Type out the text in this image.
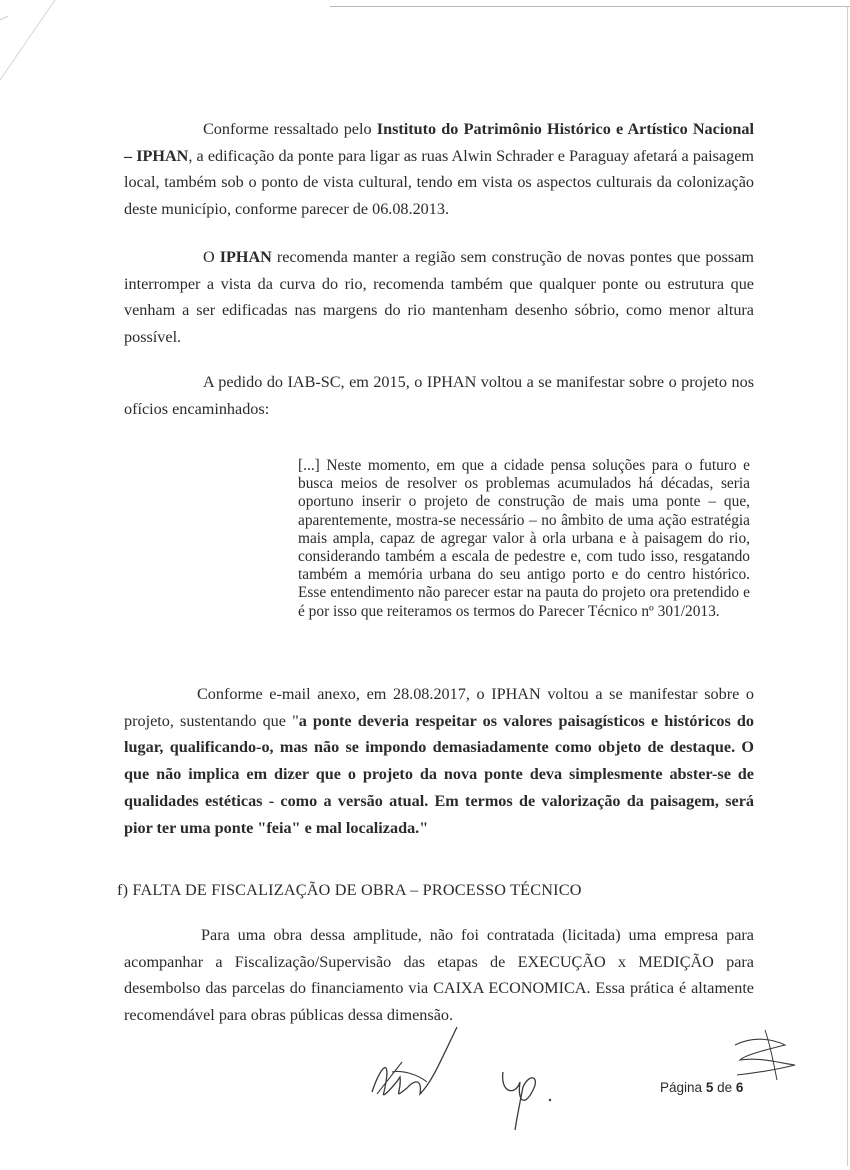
Conforme ressaltado pelo Instituto do Patrimônio Histórico e Artístico Nacional – IPHAN, a edificação da ponte para ligar as ruas Alwin Schrader e Paraguay afetará a paisagem local, também sob o ponto de vista cultural, tendo em vista os aspectos culturais da colonização deste município, conforme parecer de 06.08.2013.

O IPHAN recomenda manter a região sem construção de novas pontes que possam interromper a vista da curva do rio, recomenda também que qualquer ponte ou estrutura que venham a ser edificadas nas margens do rio mantenham desenho sóbrio, como menor altura possível.

A pedido do IAB-SC, em 2015, o IPHAN voltou a se manifestar sobre o projeto nos ofícios encaminhados:

[...] Neste momento, em que a cidade pensa soluções para o futuro e busca meios de resolver os problemas acumulados há décadas, seria oportuno inserir o projeto de construção de mais uma ponte – que, aparentemente, mostra-se necessário – no âmbito de uma ação estratégia mais ampla, capaz de agregar valor à orla urbana e à paisagem do rio, considerando também a escala de pedestre e, com tudo isso, resgatando também a memória urbana do seu antigo porto e do centro histórico. Esse entendimento não parecer estar na pauta do projeto ora pretendido e é por isso que reiteramos os termos do Parecer Técnico nº 301/2013.

Conforme e-mail anexo, em 28.08.2017, o IPHAN voltou a se manifestar sobre o projeto, sustentando que "a ponte deveria respeitar os valores paisagísticos e históricos do lugar, qualificando-o, mas não se impondo demasiadamente como objeto de destaque. O que não implica em dizer que o projeto da nova ponte deva simplesmente abster-se de qualidades estéticas - como a versão atual. Em termos de valorização da paisagem, será pior ter uma ponte "feia" e mal localizada."

f) FALTA DE FISCALIZAÇÃO DE OBRA – PROCESSO TÉCNICO

Para uma obra dessa amplitude, não foi contratada (licitada) uma empresa para acompanhar a Fiscalização/Supervisão das etapas de EXECUÇÃO x MEDIÇÃO para desembolso das parcelas do financiamento via CAIXA ECONOMICA. Essa prática é altamente recomendável para obras públicas dessa dimensão.

Página 5 de 6
